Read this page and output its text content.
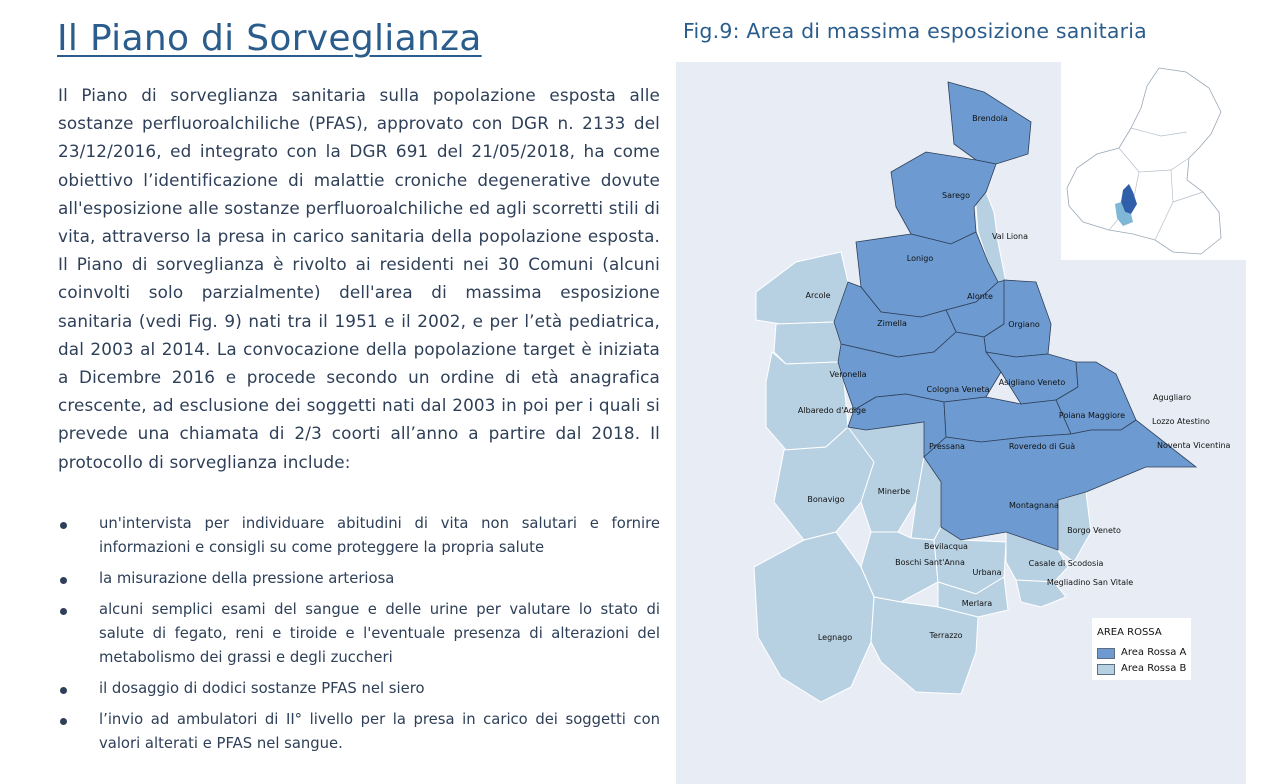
Il Piano di Sorveglianza

Il Piano di sorveglianza sanitaria sulla popolazione esposta alle sostanze perfluoroalchiliche (PFAS), approvato con DGR n. 2133 del 23/12/2016, ed integrato con la DGR 691 del 21/05/2018, ha come obiettivo l’identificazione di malattie croniche degenerative dovute all'esposizione alle sostanze perfluoroalchiliche ed agli scorretti stili di vita, attraverso la presa in carico sanitaria della popolazione esposta. Il Piano di sorveglianza è rivolto ai residenti nei 30 Comuni (alcuni coinvolti solo parzialmente) dell'area di massima esposizione sanitaria (vedi Fig. 9) nati tra il 1951 e il 2002, e per l’età pediatrica, dal 2003 al 2014. La convocazione della popolazione target è iniziata a Dicembre 2016 e procede secondo un ordine di età anagrafica crescente, ad esclusione dei soggetti nati dal 2003 in poi per i quali si prevede una chiamata di 2/3 coorti all’anno a partire dal 2018. Il protocollo di sorveglianza include:

un'intervista per individuare abitudini di vita non salutari e fornire informazioni e consigli su come proteggere la propria salute
la misurazione della pressione arteriosa
alcuni semplici esami del sangue e delle urine per valutare lo stato di salute di fegato, reni e tiroide e l'eventuale presenza di alterazioni del metabolismo dei grassi e degli zuccheri
il dosaggio di dodici sostanze PFAS nel siero
l’invio ad ambulatori di II° livello per la presa in carico dei soggetti con valori alterati e PFAS nel sangue.
Fig.9: Area di massima esposizione sanitaria
Brendola
Sarego
Val Liona
Lonigo
Alonte
Arcole
Zimella	Orgiano
Veronella
Cologna Veneta
Asigliano Veneto
Agugliaro
Albaredo d'Adige
Poiana Maggiore
Lozzo Atestino
Noventa Vicentina
Pressana	Roveredo di Guà
Bonavigo
Minerbe
Montagnana
Borgo Veneto
Bevilacqua
Boschi Sant'Anna	Casale di Scodosia
Urbana
Megliadino San Vitale
Merlara
Legnago	Terrazzo	AREA ROSSA
Area Rossa A
Area Rossa B
